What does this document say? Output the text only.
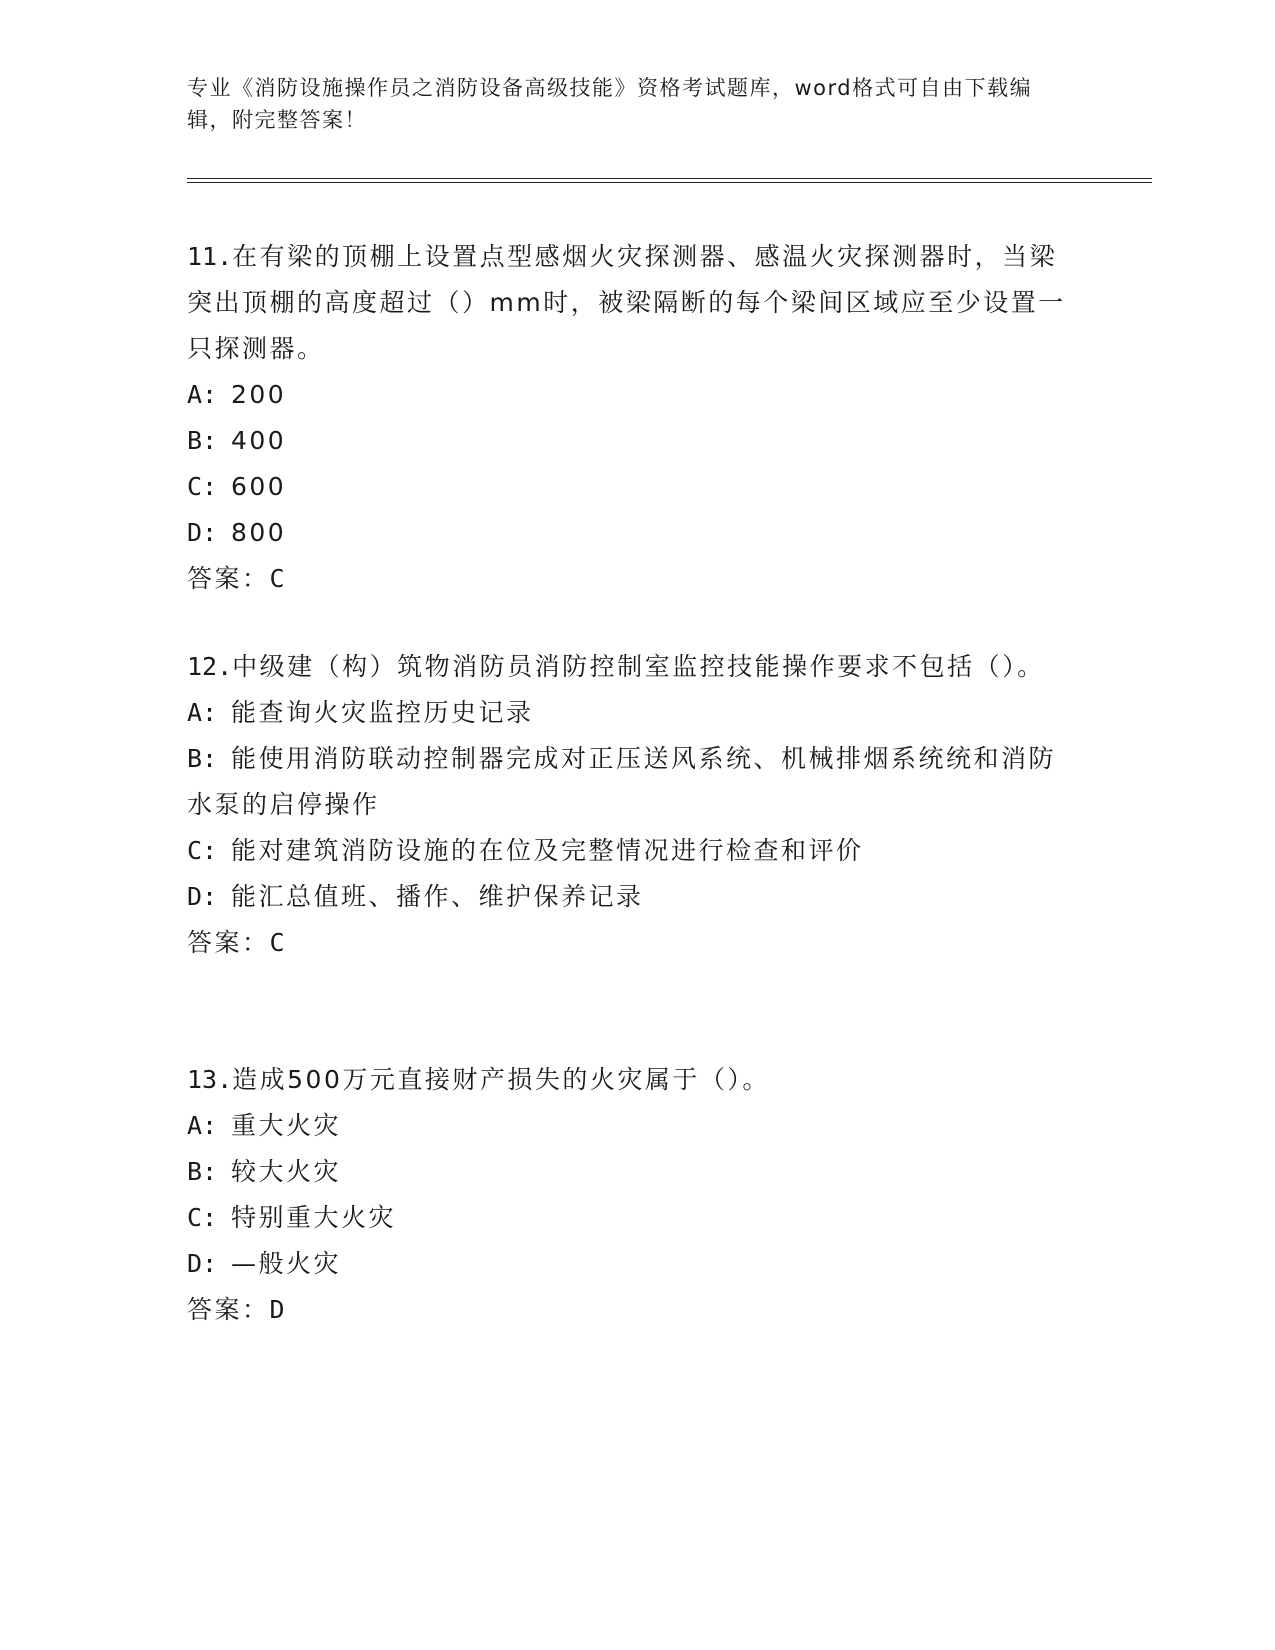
专业《消防设施操作员之消防设备高级技能》资格考试题库，word格式可自由下载编辑，附完整答案！

11.在有梁的顶棚上设置点型感烟火灾探测器、感温火灾探测器时，当梁突出顶棚的高度超过（）mm时，被梁隔断的每个梁间区域应至少设置一只探测器。

A: 200

B: 400

C: 600

D: 800

答案：C

12.中级建（构）筑物消防员消防控制室监控技能操作要求不包括（）。

A: 能查询火灾监控历史记录

B: 能使用消防联动控制器完成对正压送风系统、机械排烟系统统和消防水泵的启停操作

C: 能对建筑消防设施的在位及完整情况进行检查和评价

D: 能汇总值班、播作、维护保养记录

答案：C

13.造成500万元直接财产损失的火灾属于（）。

A: 重大火灾

B: 较大火灾

C: 特别重大火灾

D: —般火灾

答案：D
